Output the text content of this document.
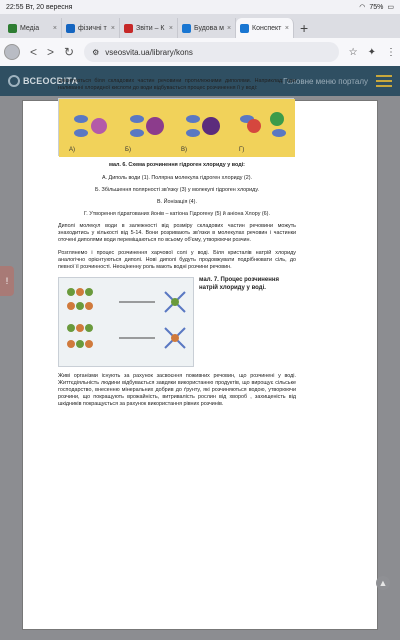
22:55
Вт, 20 вересня	◠ 75% ▭
Медіа ×	фізичні т ×	Звіти – К ×	Будова м ×	Конспект × +
< > ↻ ⚙ vseosvita.ua/library/kons	☆ ✦ ⋮
ВСЕОСВІТА	Головне меню порталу
!
▲

орієнтуються біля складових частин речовини протилежними диполями. Наприклад: при наливанні хлоридної кислоти до води відбувається процес розчинення її у воді:

A)	Б)	В)	Г)
мал. 6. Схема розчинення гідроген хлориду у воді:
А. Диполь води (1). Полярна молекула гідроген хлориду (2).
Б. Збільшення полярності зв'язку (3) у молекулі гідроген хлориду.
В. Йонізація (4).
Г. Утворення гідратованих йонів – катіона Гідрогену (5) й аніона Хлору (6).

Диполі молекул води в залежності від розміру складових частин речовини можуть знаходитись у кількості від 5-14. Вони розривають зв'язки в молекулах речовин і частинки оточені диполями води переміщаються по всьому об'єму, утворюючи розчин.

Розглянемо і процес розчинення харчової солі у воді. Біля кристалів натрій хлориду аналогічно орієнтуються диполі. Нові диполі будуть продовжувати подрібнювати сіль, до певної її розчинності. Неоціненну роль мають водні розчини речовин.

мал. 7. Процес розчинення натрій хлориду у воді.

Живі організми існують за рахунок засвоєння поживних речовин, що розчинені у воді. Життєдіяльність людини відбувається завдяки використанню продуктів, що вирощує сільське господарство, внесенню мінеральних добрив до ґрунту, які розчиняються водою, утворюючи розчини, що покращують врожайність, витривалість рослин від хвороб , захищеність від шкідників покращується за рахунок використання рівних розчинів.
